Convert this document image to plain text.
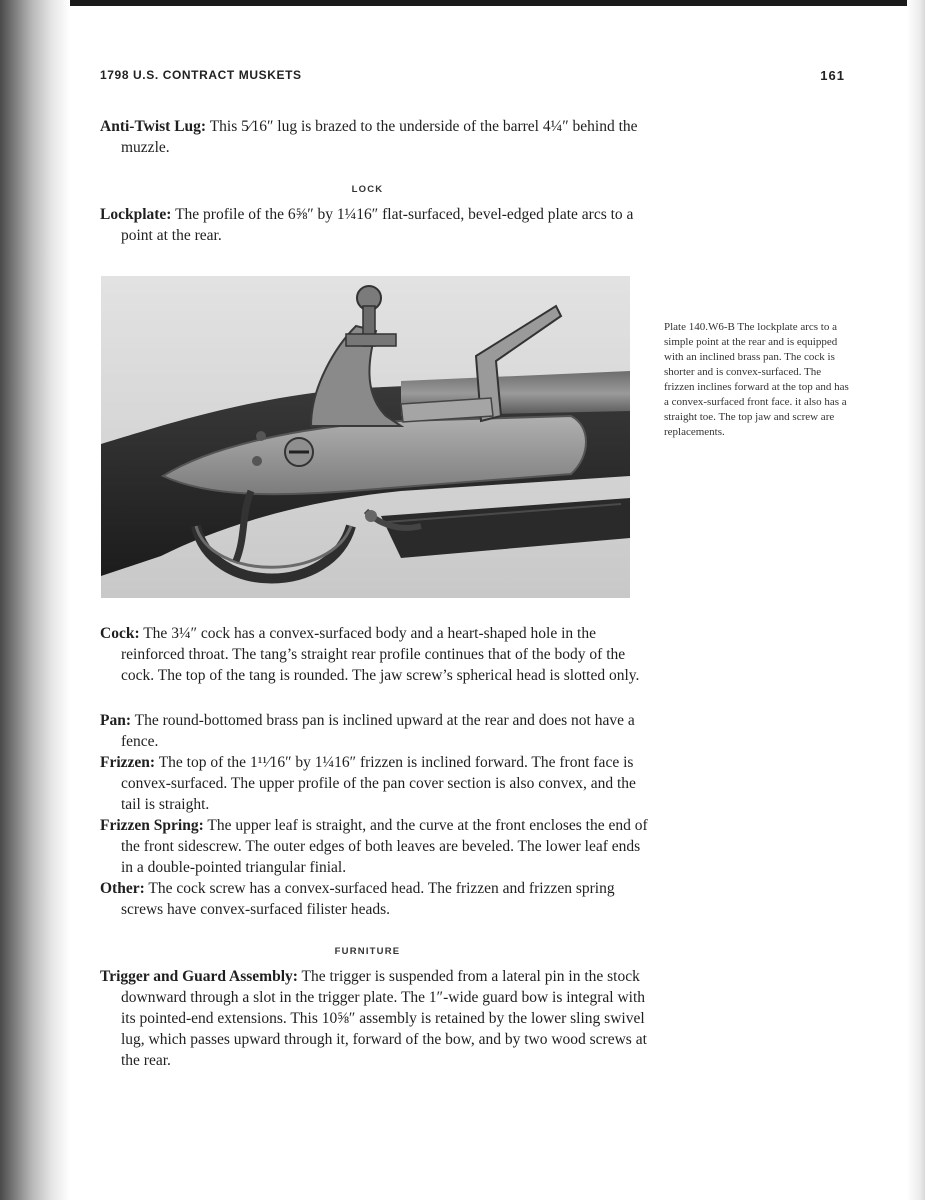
1798 U.S. CONTRACT MUSKETS	161

Anti-Twist Lug: This 5⁄16″ lug is brazed to the underside of the barrel 4¼″ behind the muzzle.

LOCK

Lockplate: The profile of the 6⅝″ by 1¼16″ flat-surfaced, bevel-edged plate arcs to a point at the rear.

Plate 140.W6-B The lockplate arcs to a simple point at the rear and is equipped with an inclined brass pan. The cock is shorter and is convex-surfaced. The frizzen inclines forward at the top and has a convex-surfaced front face. it also has a straight toe. The top jaw and screw are replacements.

Cock: The 3¼″ cock has a convex-surfaced body and a heart-shaped hole in the reinforced throat. The tang’s straight rear profile continues that of the body of the cock. The top of the tang is rounded. The jaw screw’s spherical head is slotted only.

Pan: The round-bottomed brass pan is inclined upward at the rear and does not have a fence.

Frizzen: The top of the 1¹¹⁄16″ by 1¼16″ frizzen is inclined forward. The front face is convex-surfaced. The upper profile of the pan cover section is also convex, and the tail is straight.

Frizzen Spring: The upper leaf is straight, and the curve at the front encloses the end of the front sidescrew. The outer edges of both leaves are beveled. The lower leaf ends in a double-pointed triangular finial.

Other: The cock screw has a convex-surfaced head. The frizzen and frizzen spring screws have convex-surfaced filister heads.

FURNITURE

Trigger and Guard Assembly: The trigger is suspended from a lateral pin in the stock downward through a slot in the trigger plate. The 1″-wide guard bow is integral with its pointed-end extensions. This 10⅝″ assembly is retained by the lower sling swivel lug, which passes upward through it, forward of the bow, and by two wood screws at the rear.
